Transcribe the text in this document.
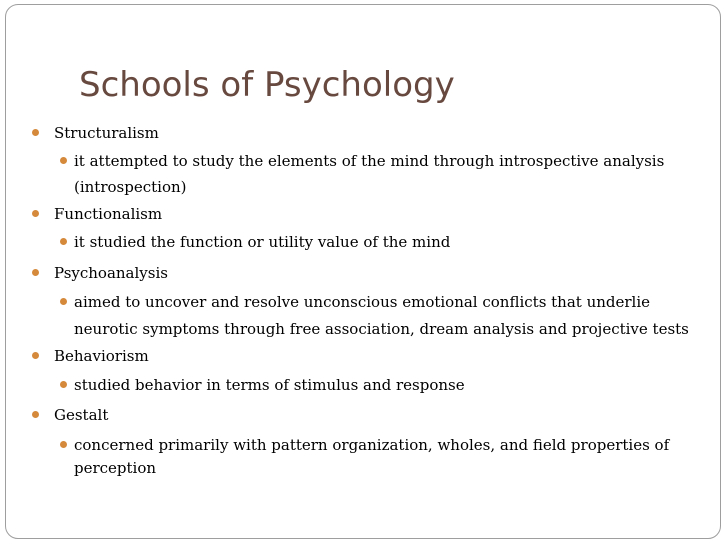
Schools of Psychology
Structuralism
it attempted to study the elements of the mind through introspective analysis
(introspection)
Functionalism
it studied the function or utility value of the mind
Psychoanalysis
aimed to uncover and resolve unconscious emotional conflicts that underlie
neurotic symptoms through free association, dream analysis and projective tests
Behaviorism
studied behavior in terms of stimulus and response
Gestalt
concerned primarily with pattern organization, wholes, and field properties of
perception
